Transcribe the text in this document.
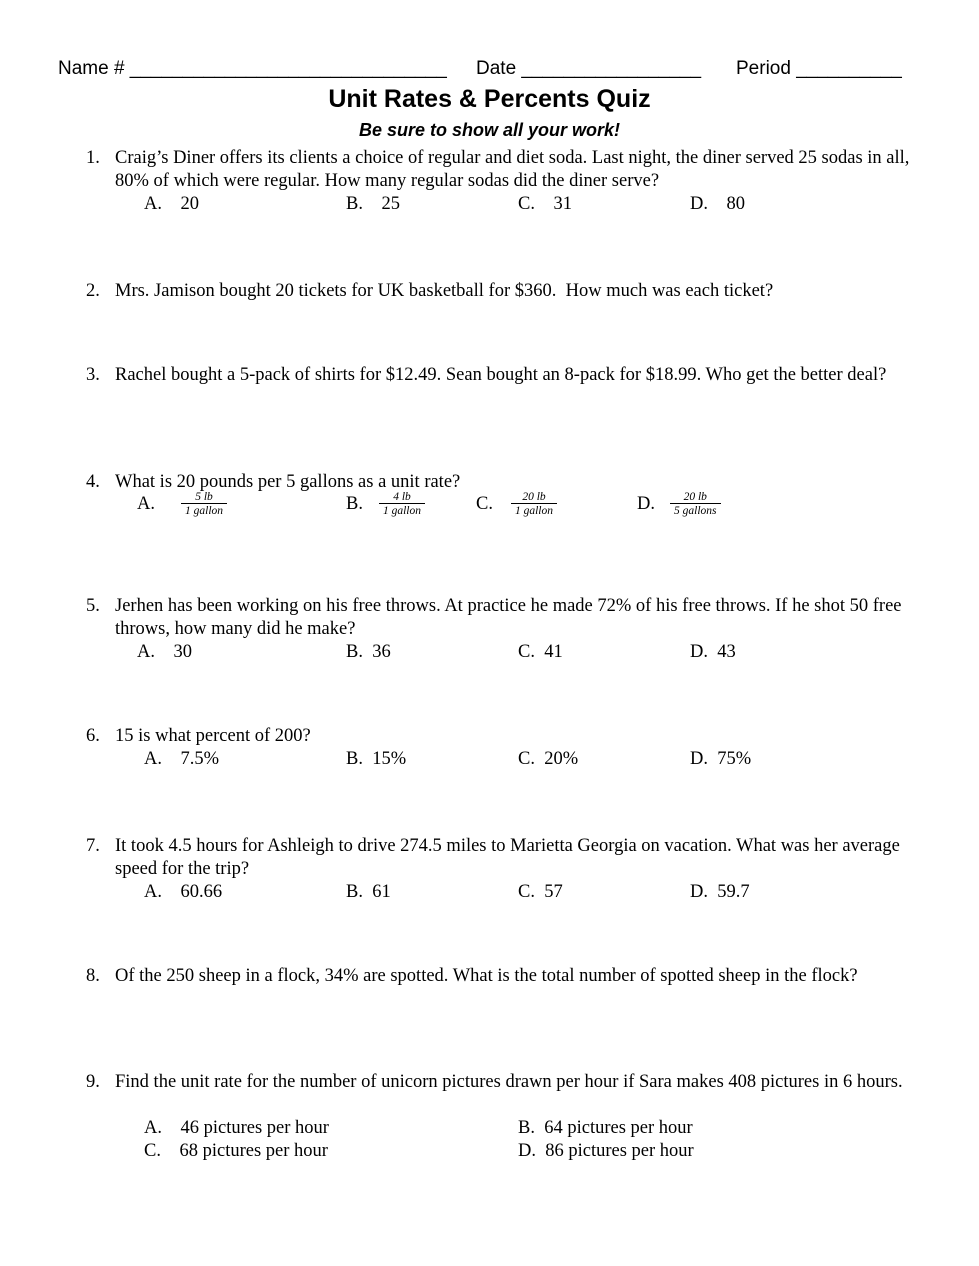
Name # ______________________________ Date _________________ Period __________
Unit Rates & Percents Quiz
Be sure to show all your work!
1. Craig’s Diner offers its clients a choice of regular and diet soda. Last night, the diner served 25 sodas in all, 80% of which were regular. How many regular sodas did the diner serve?
A.    20	B.    25	C.    31	D.    80
2. Mrs. Jamison bought 20 tickets for UK basketball for $360.  How much was each ticket?
3. Rachel bought a 5-pack of shirts for $12.49. Sean bought an 8-pack for $18.99. Who get the better deal?
4. What is 20 pounds per 5 gallons as a unit rate?
A. $\frac{5 lb}{\text{1 gallon}}$	B. $\frac{4 lb}{\text{1 gallon}}$	C. $\frac{20 lb}{\text{1 gallon}}$	D. $\frac{20 lb}{\text{5 gallons}}$
5. Jerhen has been working on his free throws. At practice he made 72% of his free throws. If he shot 50 free throws, how many did he make?
A.    30	B.  36	C.  41	D.  43
6. 15 is what percent of 200?
A.    7.5%	B.  15%	C.  20%	D.  75%
7. It took 4.5 hours for Ashleigh to drive 274.5 miles to Marietta Georgia on vacation. What was her average speed for the trip?
A.    60.66	B.  61	C.  57	D.  59.7
8. Of the 250 sheep in a flock, 34% are spotted. What is the total number of spotted sheep in the flock?
9. Find the unit rate for the number of unicorn pictures drawn per hour if Sara makes 408 pictures in 6 hours.
A.    46 pictures per hour	B.  64 pictures per hour
C.    68 pictures per hour	D.  86 pictures per hour
